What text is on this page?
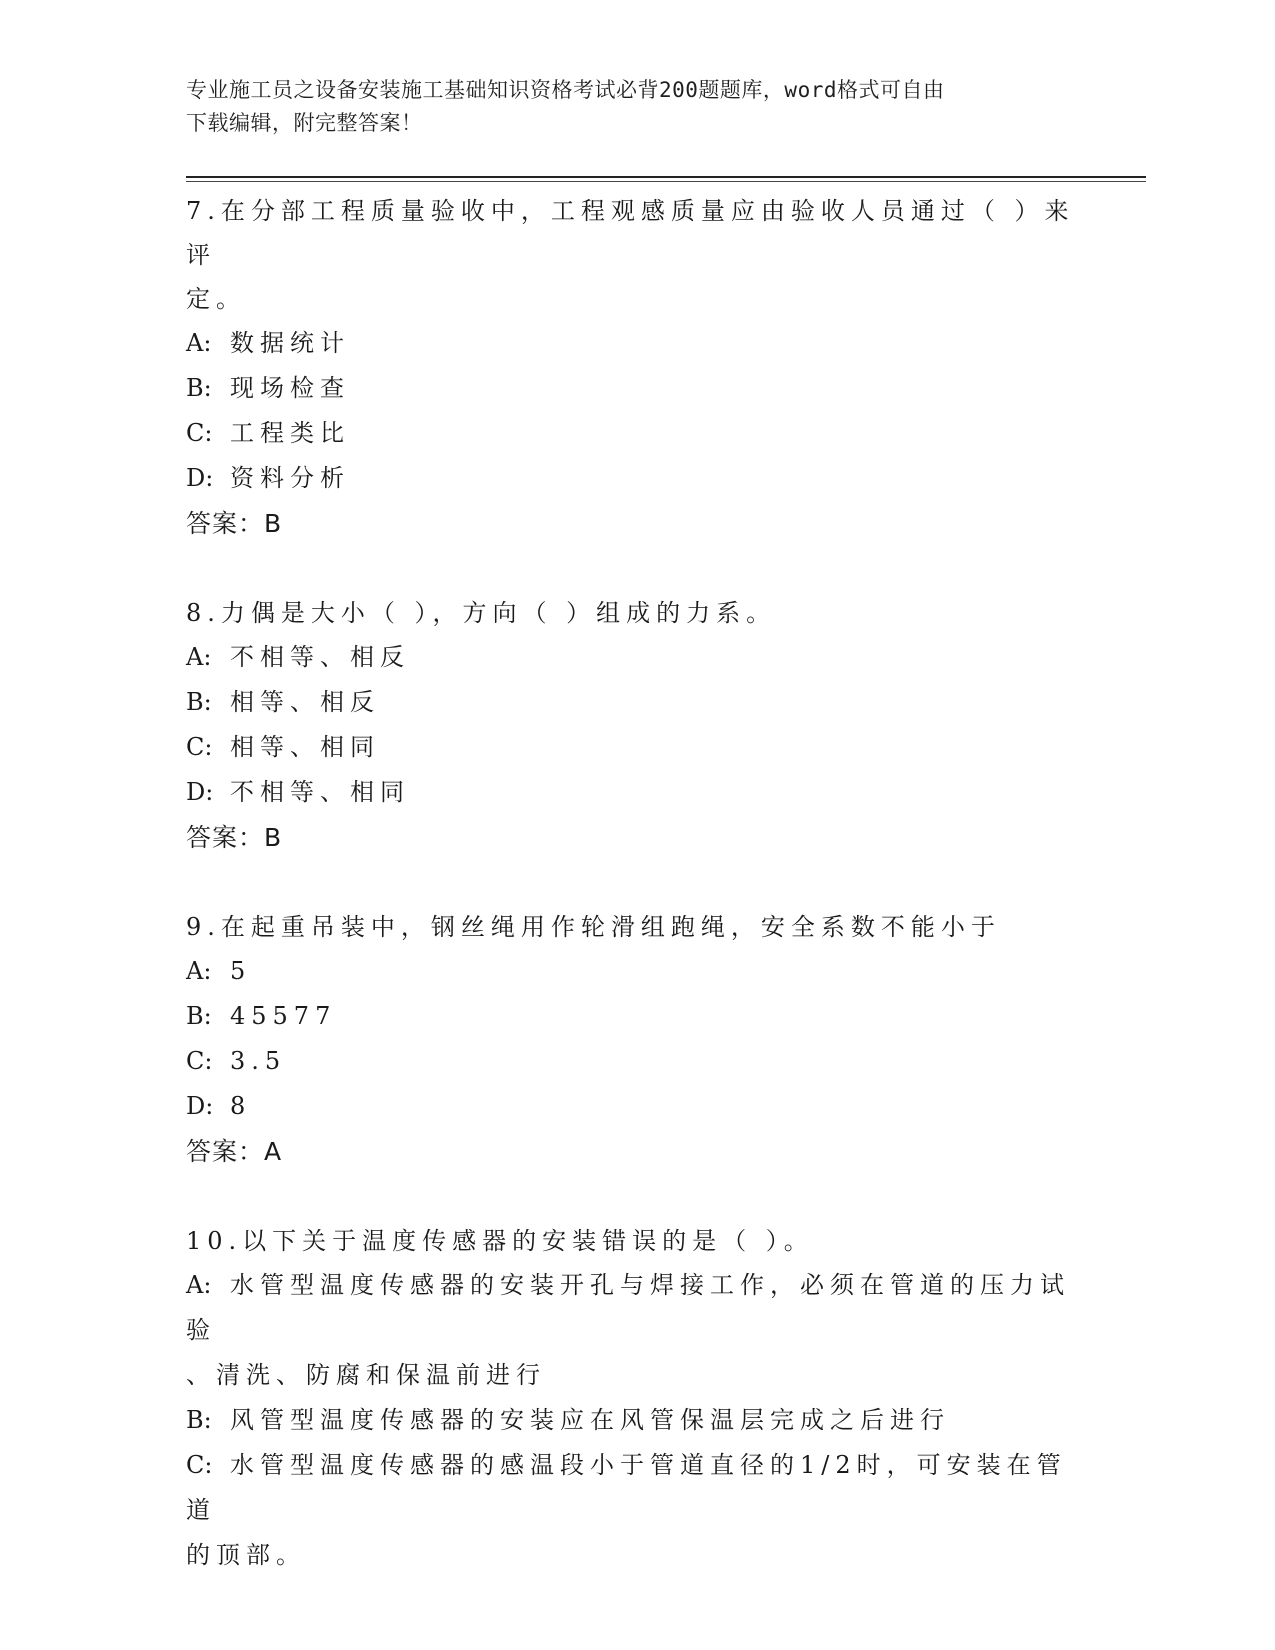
专业施工员之设备安装施工基础知识资格考试必背200题题库，word格式可自由
下载编辑，附完整答案！

7.在分部工程质量验收中，工程观感质量应由验收人员通过（ ）来评

定。

A: 数据统计

B: 现场检查

C: 工程类比

D: 资料分析

答案：B

8.力偶是大小（ ），方向（ ）组成的力系。

A: 不相等、相反

B: 相等、相反

C: 相等、相同

D: 不相等、相同

答案：B

9.在起重吊装中，钢丝绳用作轮滑组跑绳，安全系数不能小于

A: 5

B: 45577

C: 3.5

D: 8

答案：A

10.以下关于温度传感器的安装错误的是（ ）。

A: 水管型温度传感器的安装开孔与焊接工作，必须在管道的压力试验

、清洗、防腐和保温前进行

B: 风管型温度传感器的安装应在风管保温层完成之后进行

C: 水管型温度传感器的感温段小于管道直径的1/2时，可安装在管道

的顶部。
